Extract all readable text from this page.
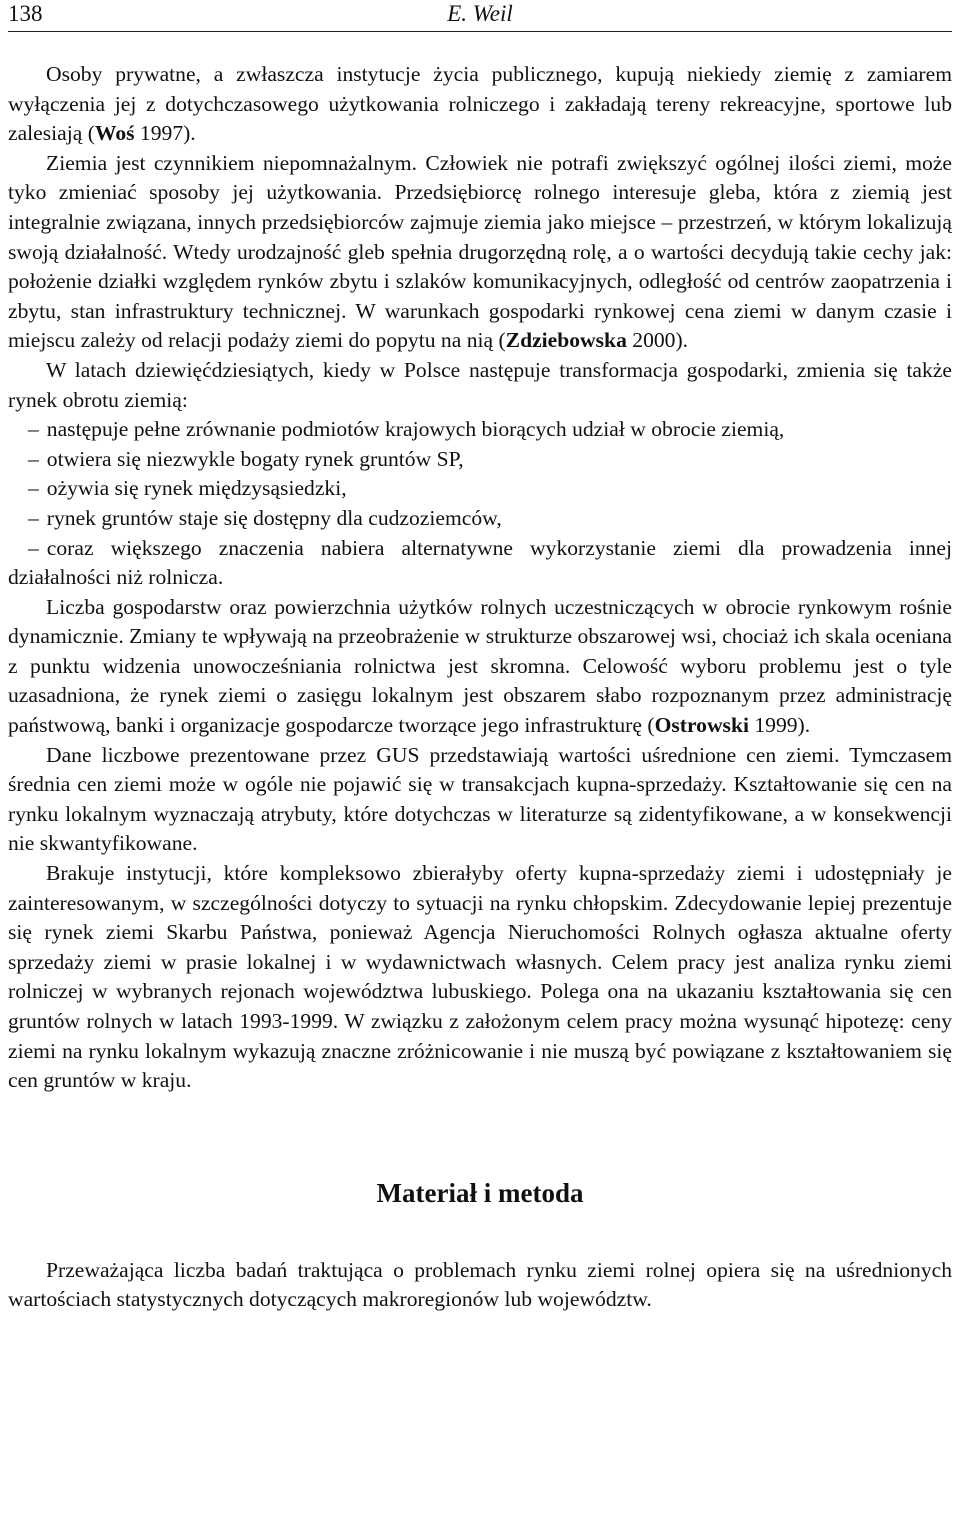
138	E. Weil

Osoby prywatne, a zwłaszcza instytucje życia publicznego, kupują niekiedy ziemię z zamiarem wyłączenia jej z dotychczasowego użytkowania rolniczego i zakładają tereny rekreacyjne, sportowe lub zalesiają (Woś 1997).

Ziemia jest czynnikiem niepomnażalnym. Człowiek nie potrafi zwiększyć ogólnej ilości ziemi, może tyko zmieniać sposoby jej użytkowania. Przedsiębiorcę rolnego interesuje gleba, która z ziemią jest integralnie związana, innych przedsiębiorców zajmuje ziemia jako miejsce – przestrzeń, w którym lokalizują swoją działalność. Wtedy urodzajność gleb spełnia drugorzędną rolę, a o wartości decydują takie cechy jak: położenie działki względem rynków zbytu i szlaków komunikacyjnych, odległość od centrów zaopatrzenia i zbytu, stan infrastruktury technicznej. W warunkach gospodarki rynkowej cena ziemi w danym czasie i miejscu zależy od relacji podaży ziemi do popytu na nią (Zdziebowska 2000).

W latach dziewięćdziesiątych, kiedy w Polsce następuje transformacja gospodarki, zmienia się także rynek obrotu ziemią:

– następuje pełne zrównanie podmiotów krajowych biorących udział w obrocie ziemią,

– otwiera się niezwykle bogaty rynek gruntów SP,

– ożywia się rynek międzysąsiedzki,

– rynek gruntów staje się dostępny dla cudzoziemców,

– coraz większego znaczenia nabiera alternatywne wykorzystanie ziemi dla prowadzenia innej działalności niż rolnicza.

Liczba gospodarstw oraz powierzchnia użytków rolnych uczestniczących w obrocie rynkowym rośnie dynamicznie. Zmiany te wpływają na przeobrażenie w strukturze obszarowej wsi, chociaż ich skala oceniana z punktu widzenia unowocześniania rolnictwa jest skromna. Celowość wyboru problemu jest o tyle uzasadniona, że rynek ziemi o zasięgu lokalnym jest obszarem słabo rozpoznanym przez administrację państwową, banki i organizacje gospodarcze tworzące jego infrastrukturę (Ostrowski 1999).

Dane liczbowe prezentowane przez GUS przedstawiają wartości uśrednione cen ziemi. Tymczasem średnia cen ziemi może w ogóle nie pojawić się w transakcjach kupna-sprzedaży. Kształtowanie się cen na rynku lokalnym wyznaczają atrybuty, które dotychczas w literaturze są zidentyfikowane, a w konsekwencji nie skwantyfikowane.

Brakuje instytucji, które kompleksowo zbierałyby oferty kupna-sprzedaży ziemi i udostępniały je zainteresowanym, w szczególności dotyczy to sytuacji na rynku chłopskim. Zdecydowanie lepiej prezentuje się rynek ziemi Skarbu Państwa, ponieważ Agencja Nieruchomości Rolnych ogłasza aktualne oferty sprzedaży ziemi w prasie lokalnej i w wydawnictwach własnych. Celem pracy jest analiza rynku ziemi rolniczej w wybranych rejonach województwa lubuskiego. Polega ona na ukazaniu kształtowania się cen gruntów rolnych w latach 1993-1999. W związku z założonym celem pracy można wysunąć hipotezę: ceny ziemi na rynku lokalnym wykazują znaczne zróżnicowanie i nie muszą być powiązane z kształtowaniem się cen gruntów w kraju.

Materiał i metoda

Przeważająca liczba badań traktująca o problemach rynku ziemi rolnej opiera się na uśrednionych wartościach statystycznych dotyczących makroregionów lub województw.
